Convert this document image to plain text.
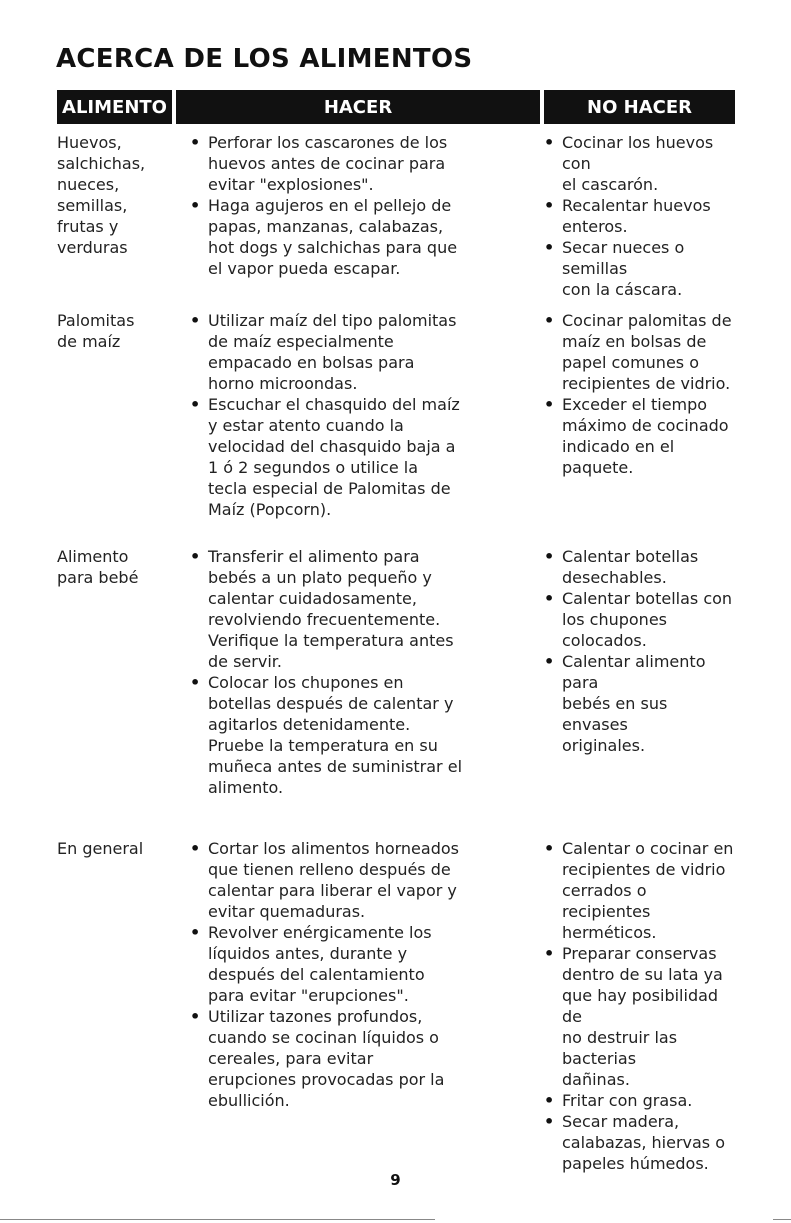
ACERCA DE LOS ALIMENTOS
ALIMENTO	HACER	NO HACER
Huevos,
salchichas,
nueces,
semillas,
frutas y
verduras
• Perforar los cascarones de los
huevos antes de cocinar para
evitar "explosiones".
• Haga agujeros en el pellejo de
papas, manzanas, calabazas,
hot dogs y salchichas para que
el vapor pueda escapar.
• Cocinar los huevos con
el cascarón.
• Recalentar huevos
enteros.
• Secar nueces o semillas
con la cáscara.
Palomitas
de maíz
• Utilizar maíz del tipo palomitas
de maíz especialmente
empacado en bolsas para
horno microondas.
• Escuchar el chasquido del maíz
y estar atento cuando la
velocidad del chasquido baja a
1 ó 2 segundos o utilice la
tecla especial de Palomitas de
Maíz (Popcorn).
• Cocinar palomitas de
maíz en bolsas de
papel comunes o
recipientes de vidrio.
• Exceder el tiempo
máximo de cocinado
indicado en el
paquete.
Alimento
para bebé
• Transferir el alimento para
bebés a un plato pequeño y
calentar cuidadosamente,
revolviendo frecuentemente.
Verifique la temperatura antes
de servir.
• Colocar los chupones en
botellas después de calentar y
agitarlos detenidamente.
Pruebe la temperatura en su
muñeca antes de suministrar el
alimento.
• Calentar botellas
desechables.
• Calentar botellas con
los chupones
colocados.
• Calentar alimento para
bebés en sus envases
originales.
En general
•	Cortar los alimentos horneados
que tienen relleno después de
calentar para liberar el vapor y
evitar quemaduras.
• Revolver enérgicamente los
líquidos antes, durante y
después del calentamiento
para evitar "erupciones".
• Utilizar tazones profundos,
cuando se cocinan líquidos o
cereales, para evitar
erupciones provocadas por la
ebullición.
• Calentar o cocinar en
recipientes de vidrio
cerrados o recipientes
herméticos.
• Preparar conservas
dentro de su lata ya
que hay posibilidad de
no destruir las bacterias
dañinas.
• Fritar con grasa.
• Secar madera,
calabazas, hiervas o
papeles húmedos.
9
